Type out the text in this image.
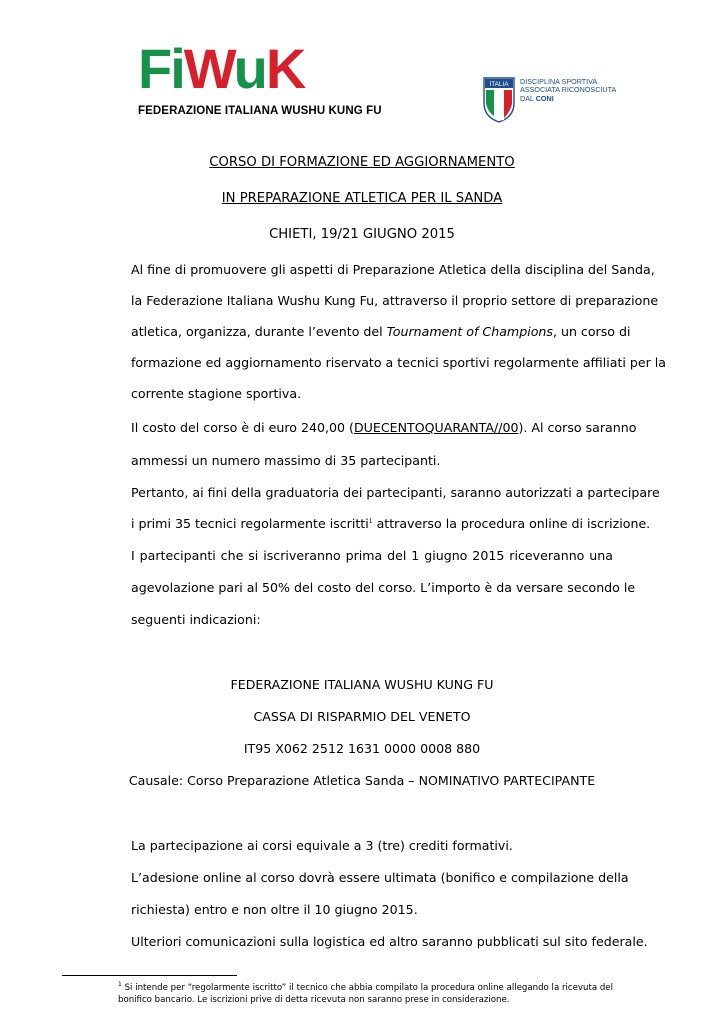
FiWuK
FEDERAZIONE ITALIANA WUSHU KUNG FU
ITALIA DISCIPLINA SPORTIVA
ASSOCIATA RICONOSCIUTA
DAL CONI
CORSO DI FORMAZIONE ED AGGIORNAMENTO
IN PREPARAZIONE ATLETICA PER IL SANDA
CHIETI, 19/21 GIUGNO 2015
Al fine di promuovere gli aspetti di Preparazione Atletica della disciplina del Sanda,
la Federazione Italiana Wushu Kung Fu, attraverso il proprio settore di preparazione
atletica, organizza, durante l’evento del Tournament of Champions, un corso di
formazione ed aggiornamento riservato a tecnici sportivi regolarmente affiliati per la
corrente stagione sportiva.
Il costo del corso è di euro 240,00 (DUECENTOQUARANTA//00). Al corso saranno
ammessi un numero massimo di 35 partecipanti.
Pertanto, ai fini della graduatoria dei partecipanti, saranno autorizzati a partecipare
i primi 35 tecnici regolarmente iscritti$^1$ attraverso la procedura online di iscrizione.
I partecipanti che si iscriveranno prima del 1 giugno 2015 riceveranno una
agevolazione pari al 50% del costo del corso. L’importo è da versare secondo le
seguenti indicazioni:
FEDERAZIONE ITALIANA WUSHU KUNG FU
CASSA DI RISPARMIO DEL VENETO
IT95 X062 2512 1631 0000 0008 880
Causale: Corso Preparazione Atletica Sanda – NOMINATIVO PARTECIPANTE
La partecipazione ai corsi equivale a 3 (tre) crediti formativi.
L’adesione online al corso dovrà essere ultimata (bonifico e compilazione della
richiesta) entro e non oltre il 10 giugno 2015.
Ulteriori comunicazioni sulla logistica ed altro saranno pubblicati sul sito federale.
$^1$ Si intende per “regolarmente iscritto” il tecnico che abbia compilato la procedura online allegando la ricevuta del bonifico bancario. Le iscrizioni prive di detta ricevuta non saranno prese in considerazione.
